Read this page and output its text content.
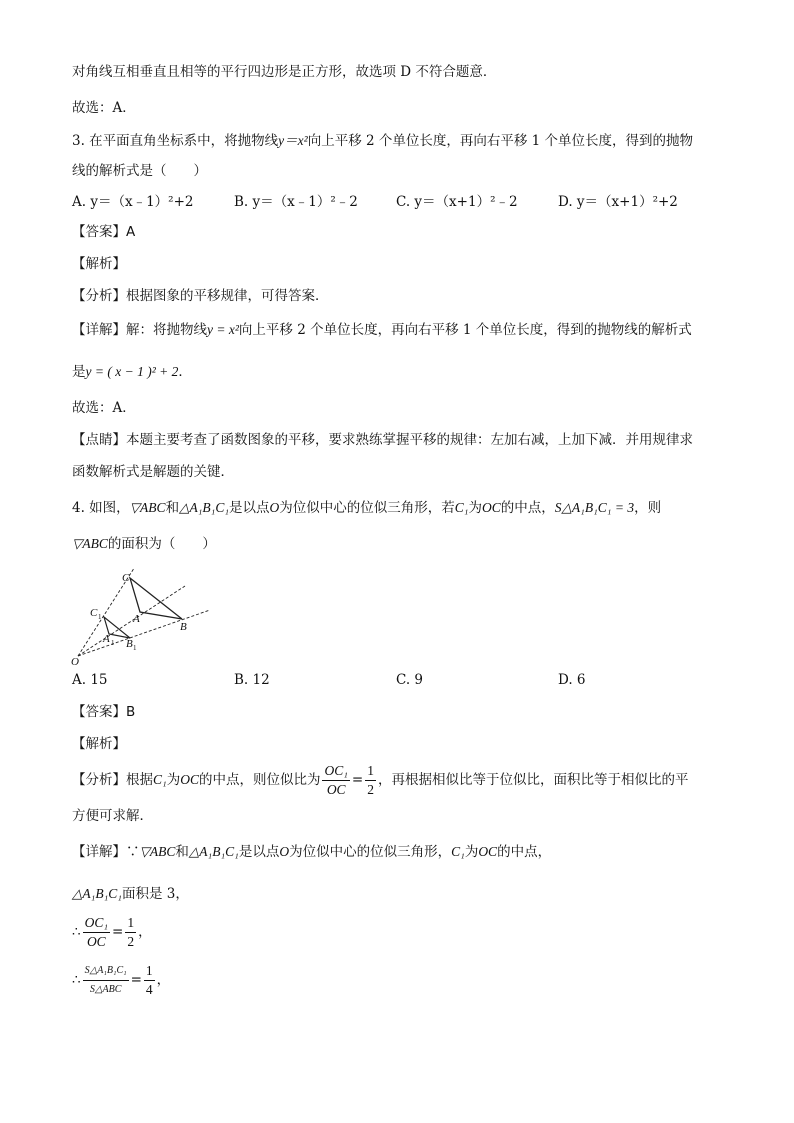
对角线互相垂直且相等的平行四边形是正方形，故选项 D 不符合题意．
故选：A．
3. 在平面直角坐标系中，将抛物线y＝x²向上平移 2 个单位长度，再向右平移 1 个单位长度，得到的抛物
线的解析式是（　　）
A. y＝（x﹣1）²+2	B. y＝（x﹣1）²﹣2	C. y＝（x+1）²﹣2	D. y＝（x+1）²+2
【答案】A
【解析】
【分析】根据图象的平移规律，可得答案．
【详解】解：将抛物线y = x²向上平移 2 个单位长度，再向右平移 1 个单位长度，得到的抛物线的解析式
是y = ( x − 1 )² + 2．
故选：A．
【点睛】本题主要考查了函数图象的平移，要求熟练掌握平移的规律：左加右减，上加下减．并用规律求
函数解析式是解题的关键．
4. 如图，▽ABC和△A₁B₁C₁是以点O为位似中心的位似三角形，若C₁为OC的中点，S△A₁B₁C₁ = 3，则
▽ABC的面积为（　　）
O
C
A
B
C 1
A 1 B 1
A. 15	B. 12	C. 9	D. 6
【答案】B
【解析】
【分析】根据C₁为OC的中点，则位似比为 $\frac{\text{OC₁}}{OC} = \frac{1}{2}$ ，再根据相似比等于位似比，面积比等于相似比的平
方便可求解．
【详解】∵▽ABC和△A₁B₁C₁是以点O为位似中心的位似三角形，C₁为OC的中点，
△A₁B₁C₁面积是 3，
∴ $\frac{\text{OC₁}}{OC} = \frac{1}{2}$ ，
∴ $\frac{\text{S△A₁B₁C₁}}{\text{S△ABC}} = \frac{1}{4}$ ，
